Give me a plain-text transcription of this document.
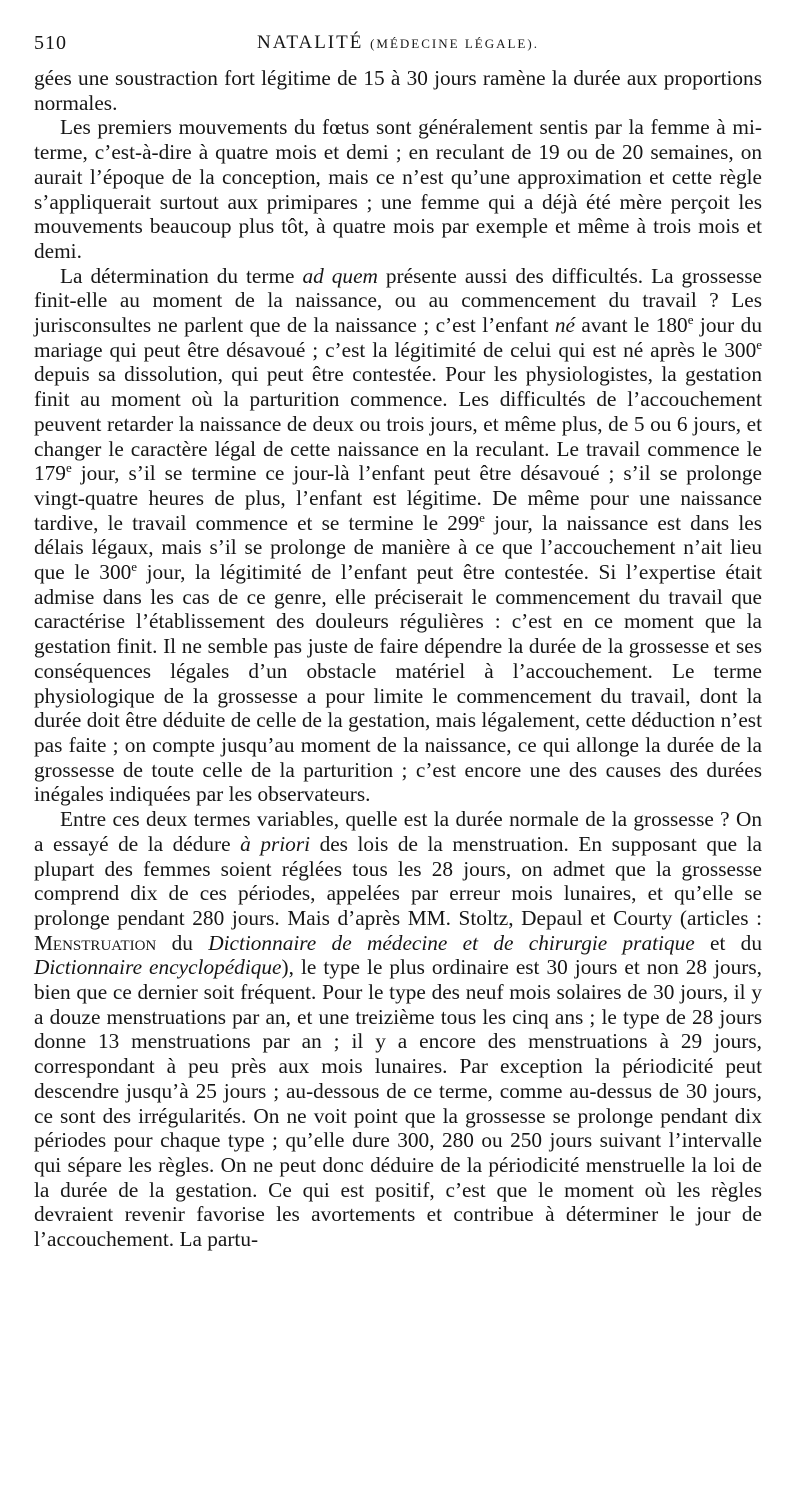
510	NATALITÉ (MÉDECINE LÉGALE).

gées une soustraction fort légitime de 15 à 30 jours ramène la durée aux proportions normales.

Les premiers mouvements du fœtus sont généralement sentis par la femme à mi-terme, c’est-à-dire à quatre mois et demi ; en reculant de 19 ou de 20 semaines, on aurait l’époque de la conception, mais ce n’est qu’une approximation et cette règle s’appliquerait surtout aux primipares ; une femme qui a déjà été mère perçoit les mouvements beaucoup plus tôt, à quatre mois par exemple et même à trois mois et demi.

La détermination du terme ad quem présente aussi des difficultés. La grossesse finit-elle au moment de la naissance, ou au commencement du travail ? Les jurisconsultes ne parlent que de la naissance ; c’est l’enfant né avant le 180e jour du mariage qui peut être désavoué ; c’est la légitimité de celui qui est né après le 300e depuis sa dissolution, qui peut être contestée. Pour les physiologistes, la gestation finit au moment où la parturition commence. Les difficultés de l’accouchement peuvent retarder la naissance de deux ou trois jours, et même plus, de 5 ou 6 jours, et changer le caractère légal de cette naissance en la reculant. Le travail commence le 179e jour, s’il se termine ce jour-là l’enfant peut être désavoué ; s’il se prolonge vingt-quatre heures de plus, l’enfant est légitime. De même pour une naissance tardive, le travail commence et se termine le 299e jour, la naissance est dans les délais légaux, mais s’il se prolonge de manière à ce que l’accouchement n’ait lieu que le 300e jour, la légitimité de l’enfant peut être contestée. Si l’expertise était admise dans les cas de ce genre, elle préciserait le commencement du travail que caractérise l’établissement des douleurs régulières : c’est en ce moment que la gestation finit. Il ne semble pas juste de faire dépendre la durée de la grossesse et ses conséquences légales d’un obstacle matériel à l’accouchement. Le terme physiologique de la grossesse a pour limite le commencement du travail, dont la durée doit être déduite de celle de la gestation, mais légalement, cette déduction n’est pas faite ; on compte jusqu’au moment de la naissance, ce qui allonge la durée de la grossesse de toute celle de la parturition ; c’est encore une des causes des durées inégales indiquées par les observateurs.

Entre ces deux termes variables, quelle est la durée normale de la grossesse ? On a essayé de la dédure à priori des lois de la menstruation. En supposant que la plupart des femmes soient réglées tous les 28 jours, on admet que la grossesse comprend dix de ces périodes, appelées par erreur mois lunaires, et qu’elle se prolonge pendant 280 jours. Mais d’après MM. Stoltz, Depaul et Courty (articles : Menstruation du Dictionnaire de médecine et de chirurgie pratique et du Dictionnaire encyclopédique), le type le plus ordinaire est 30 jours et non 28 jours, bien que ce dernier soit fréquent. Pour le type des neuf mois solaires de 30 jours, il y a douze menstruations par an, et une treizième tous les cinq ans ; le type de 28 jours donne 13 menstruations par an ; il y a encore des menstruations à 29 jours, correspondant à peu près aux mois lunaires. Par exception la périodicité peut descendre jusqu’à 25 jours ; au-dessous de ce terme, comme au-dessus de 30 jours, ce sont des irrégularités. On ne voit point que la grossesse se prolonge pendant dix périodes pour chaque type ; qu’elle dure 300, 280 ou 250 jours suivant l’intervalle qui sépare les règles. On ne peut donc déduire de la périodicité menstruelle la loi de la durée de la gestation. Ce qui est positif, c’est que le moment où les règles devraient revenir favorise les avortements et contribue à déterminer le jour de l’accouchement. La partu-
